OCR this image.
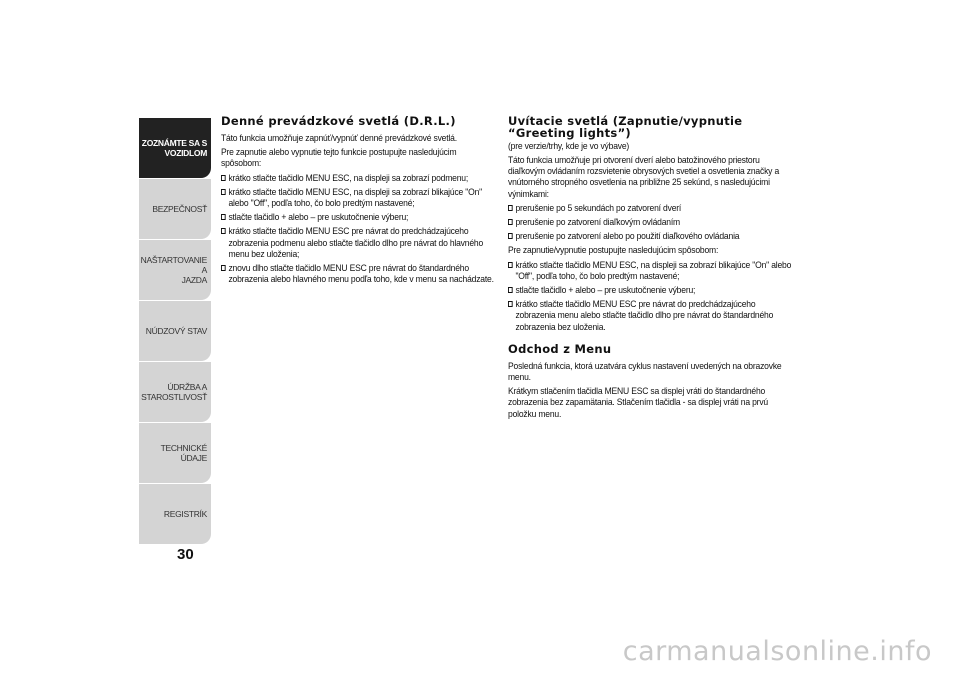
ZOZNÁMTE SA S
VOZIDLOM
BEZPEČNOSŤ
NAŠTARTOVANIE A
JAZDA
NÚDZOVÝ STAV
ÚDRŽBA A
STAROSTLIVOSŤ
TECHNICKÉ ÚDAJE
REGISTRÍK
30
Denné prevádzkové svetlá (D.R.L.)
Táto funkcia umožňuje zapnúť/vypnúť denné prevádzkové svetlá.
Pre zapnutie alebo vypnutie tejto funkcie postupujte nasledujúcim spôsobom:
krátko stlačte tlačidlo MENU ESC, na displeji sa zobrazí podmenu;
krátko stlačte tlačidlo MENU ESC, na displeji sa zobrazí blikajúce "On" alebo "Off", podľa toho, čo bolo predtým nastavené;
stlačte tlačidlo + alebo – pre uskutočnenie výberu;
krátko stlačte tlačidlo MENU ESC pre návrat do predchádzajúceho zobrazenia podmenu alebo stlačte tlačidlo dlho pre návrat do hlavného menu bez uloženia;
znovu dlho stlačte tlačidlo MENU ESC pre návrat do štandardného zobrazenia alebo hlavného menu podľa toho, kde v menu sa nachádzate.
Uvítacie svetlá (Zapnutie/vypnutie “Greeting lights”)
(pre verzie/trhy, kde je vo výbave)
Táto funkcia umožňuje pri otvorení dverí alebo batožinového priestoru diaľkovým ovládaním rozsvietenie obrysových svetiel a osvetlenia značky a vnútorného stropného osvetlenia na približne 25 sekúnd, s nasledujúcimi výnimkami:
prerušenie po 5 sekundách po zatvorení dverí
prerušenie po zatvorení diaľkovým ovládaním
prerušenie po zatvorení alebo po použití diaľkového ovládania
Pre zapnutie/vypnutie postupujte nasledujúcim spôsobom:
krátko stlačte tlačidlo MENU ESC, na displeji sa zobrazí blikajúce "On" alebo "Off", podľa toho, čo bolo predtým nastavené;
stlačte tlačidlo + alebo – pre uskutočnenie výberu;
krátko stlačte tlačidlo MENU ESC pre návrat do predchádzajúceho zobrazenia menu alebo stlačte tlačidlo dlho pre návrat do štandardného zobrazenia bez uloženia.
Odchod z Menu
Posledná funkcia, ktorá uzatvára cyklus nastavení uvedených na obrazovke menu.
Krátkym stlačením tlačidla MENU ESC sa displej vráti do štandardného zobrazenia bez zapamätania. Stlačením tlačidla - sa displej vráti na prvú položku menu.
carmanualsonline.info
